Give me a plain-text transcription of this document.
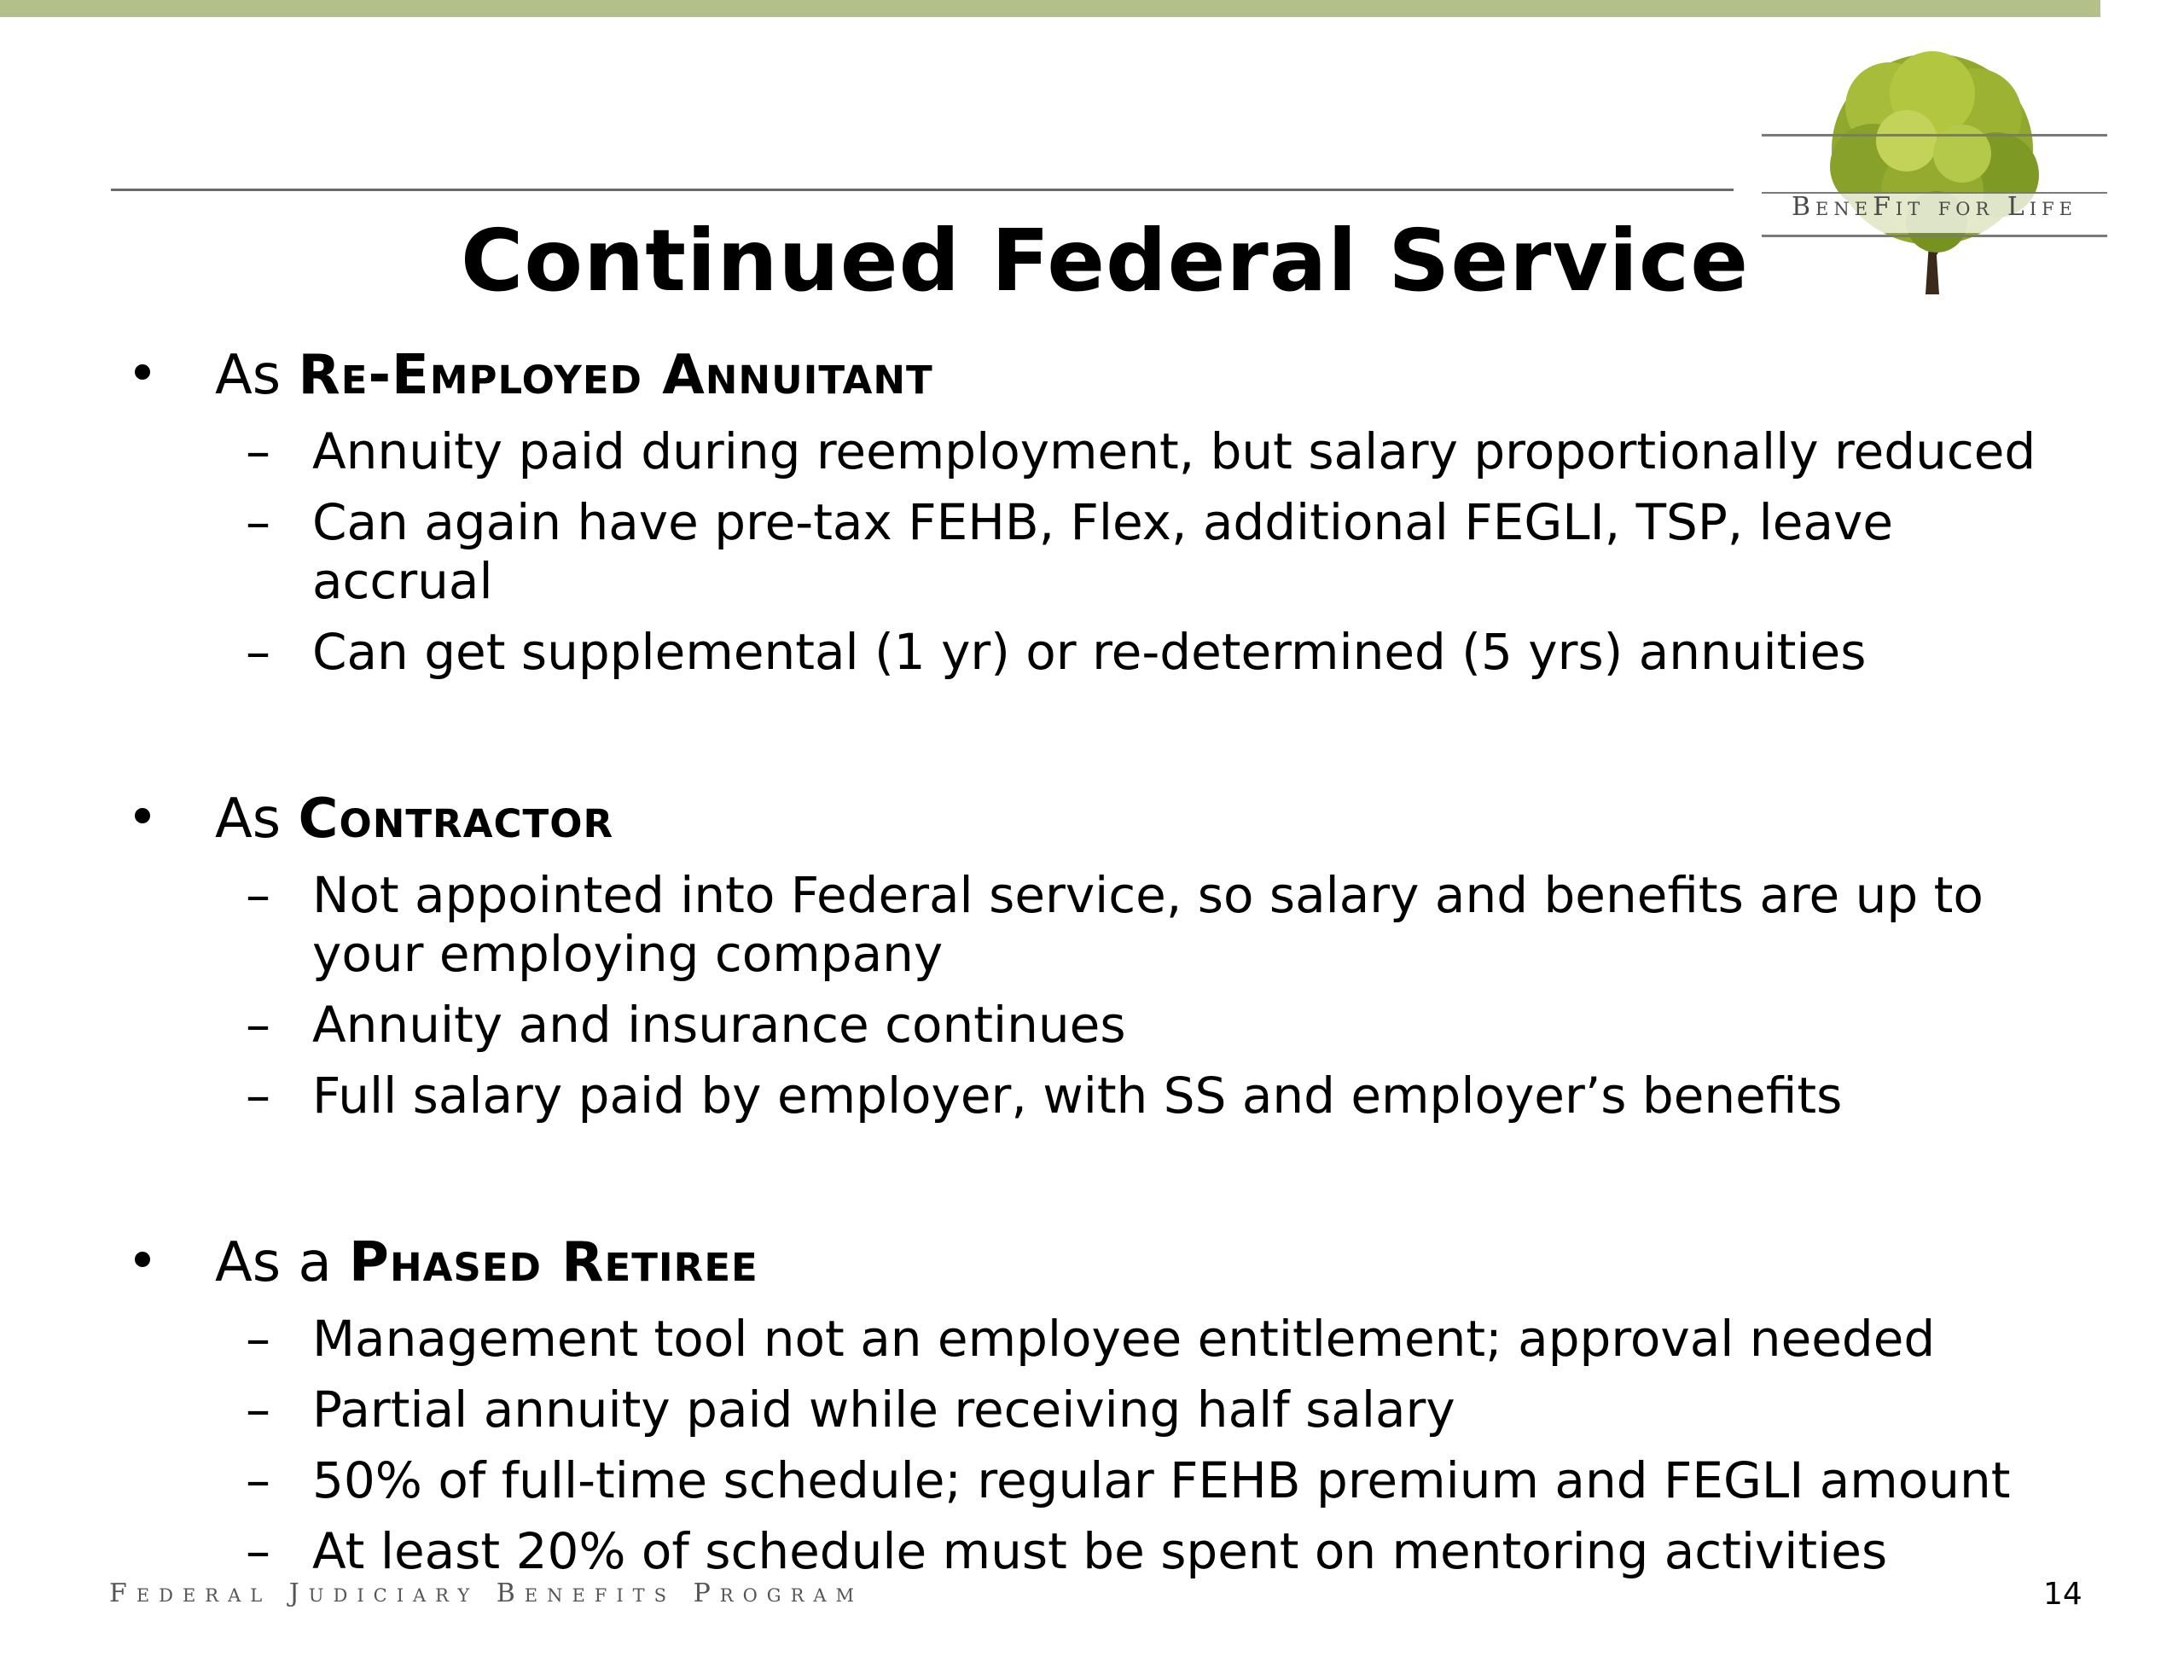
BeneFit for Life
Continued Federal Service
As Re-Employed Annuitant
– Annuity paid during reemployment, but salary proportionally reduced
– Can again have pre-tax FEHB, Flex, additional FEGLI, TSP, leave accrual
– Can get supplemental (1 yr) or re-determined (5 yrs) annuities
As Contractor
– Not appointed into Federal service, so salary and benefits are up to your employing company
– Annuity and insurance continues
– Full salary paid by employer, with SS and employer’s benefits
As a Phased Retiree
– Management tool not an employee entitlement; approval needed
– Partial annuity paid while receiving half salary
– 50% of full-time schedule; regular FEHB premium and FEGLI amount
– At least 20% of schedule must be spent on mentoring activities
Federal Judiciary Benefits Program	14
